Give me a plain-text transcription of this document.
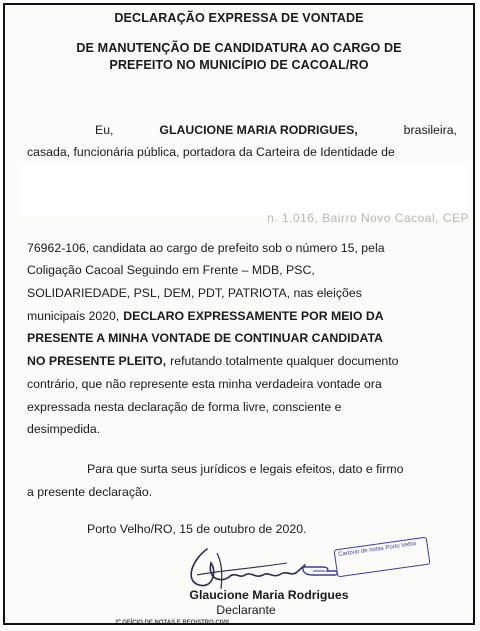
DECLARAÇÃO EXPRESSA DE VONTADE
DE MANUTENÇÃO DE CANDIDATURA AO CARGO DE
PREFEITO NO MUNICÍPIO DE CACOAL/RO
Eu,	GLAUCIONE MARIA RODRIGUES,	brasileira,
casada, funcionária pública, portadora da Carteira de Identidade de
n. 1.016, Bairro Novo Cacoal, CEP
76962-106, candidata ao cargo de prefeito sob o número 15, pela
Coligação Cacoal Seguindo em Frente – MDB, PSC,
SOLIDARIEDADE, PSL, DEM, PDT, PATRIOTA, nas eleições
municipais 2020, DECLARO EXPRESSAMENTE POR MEIO DA
PRESENTE A MINHA VONTADE DE CONTINUAR CANDIDATA
NO PRESENTE PLEITO, refutando totalmente qualquer documento
contrário, que não represente esta minha verdadeira vontade ora
expressada nesta declaração de forma livre, consciente e
desimpedida.
Para que surta seus jurídicos e legais efeitos, dato e firmo
a presente declaração.
Porto Velho/RO, 15 de outubro de 2020.
Cartório de notas Porto Velho
Glaucione Maria Rodrigues
Declarante
2º OFÍCIO DE NOTAS E REGISTRO CIVIL
